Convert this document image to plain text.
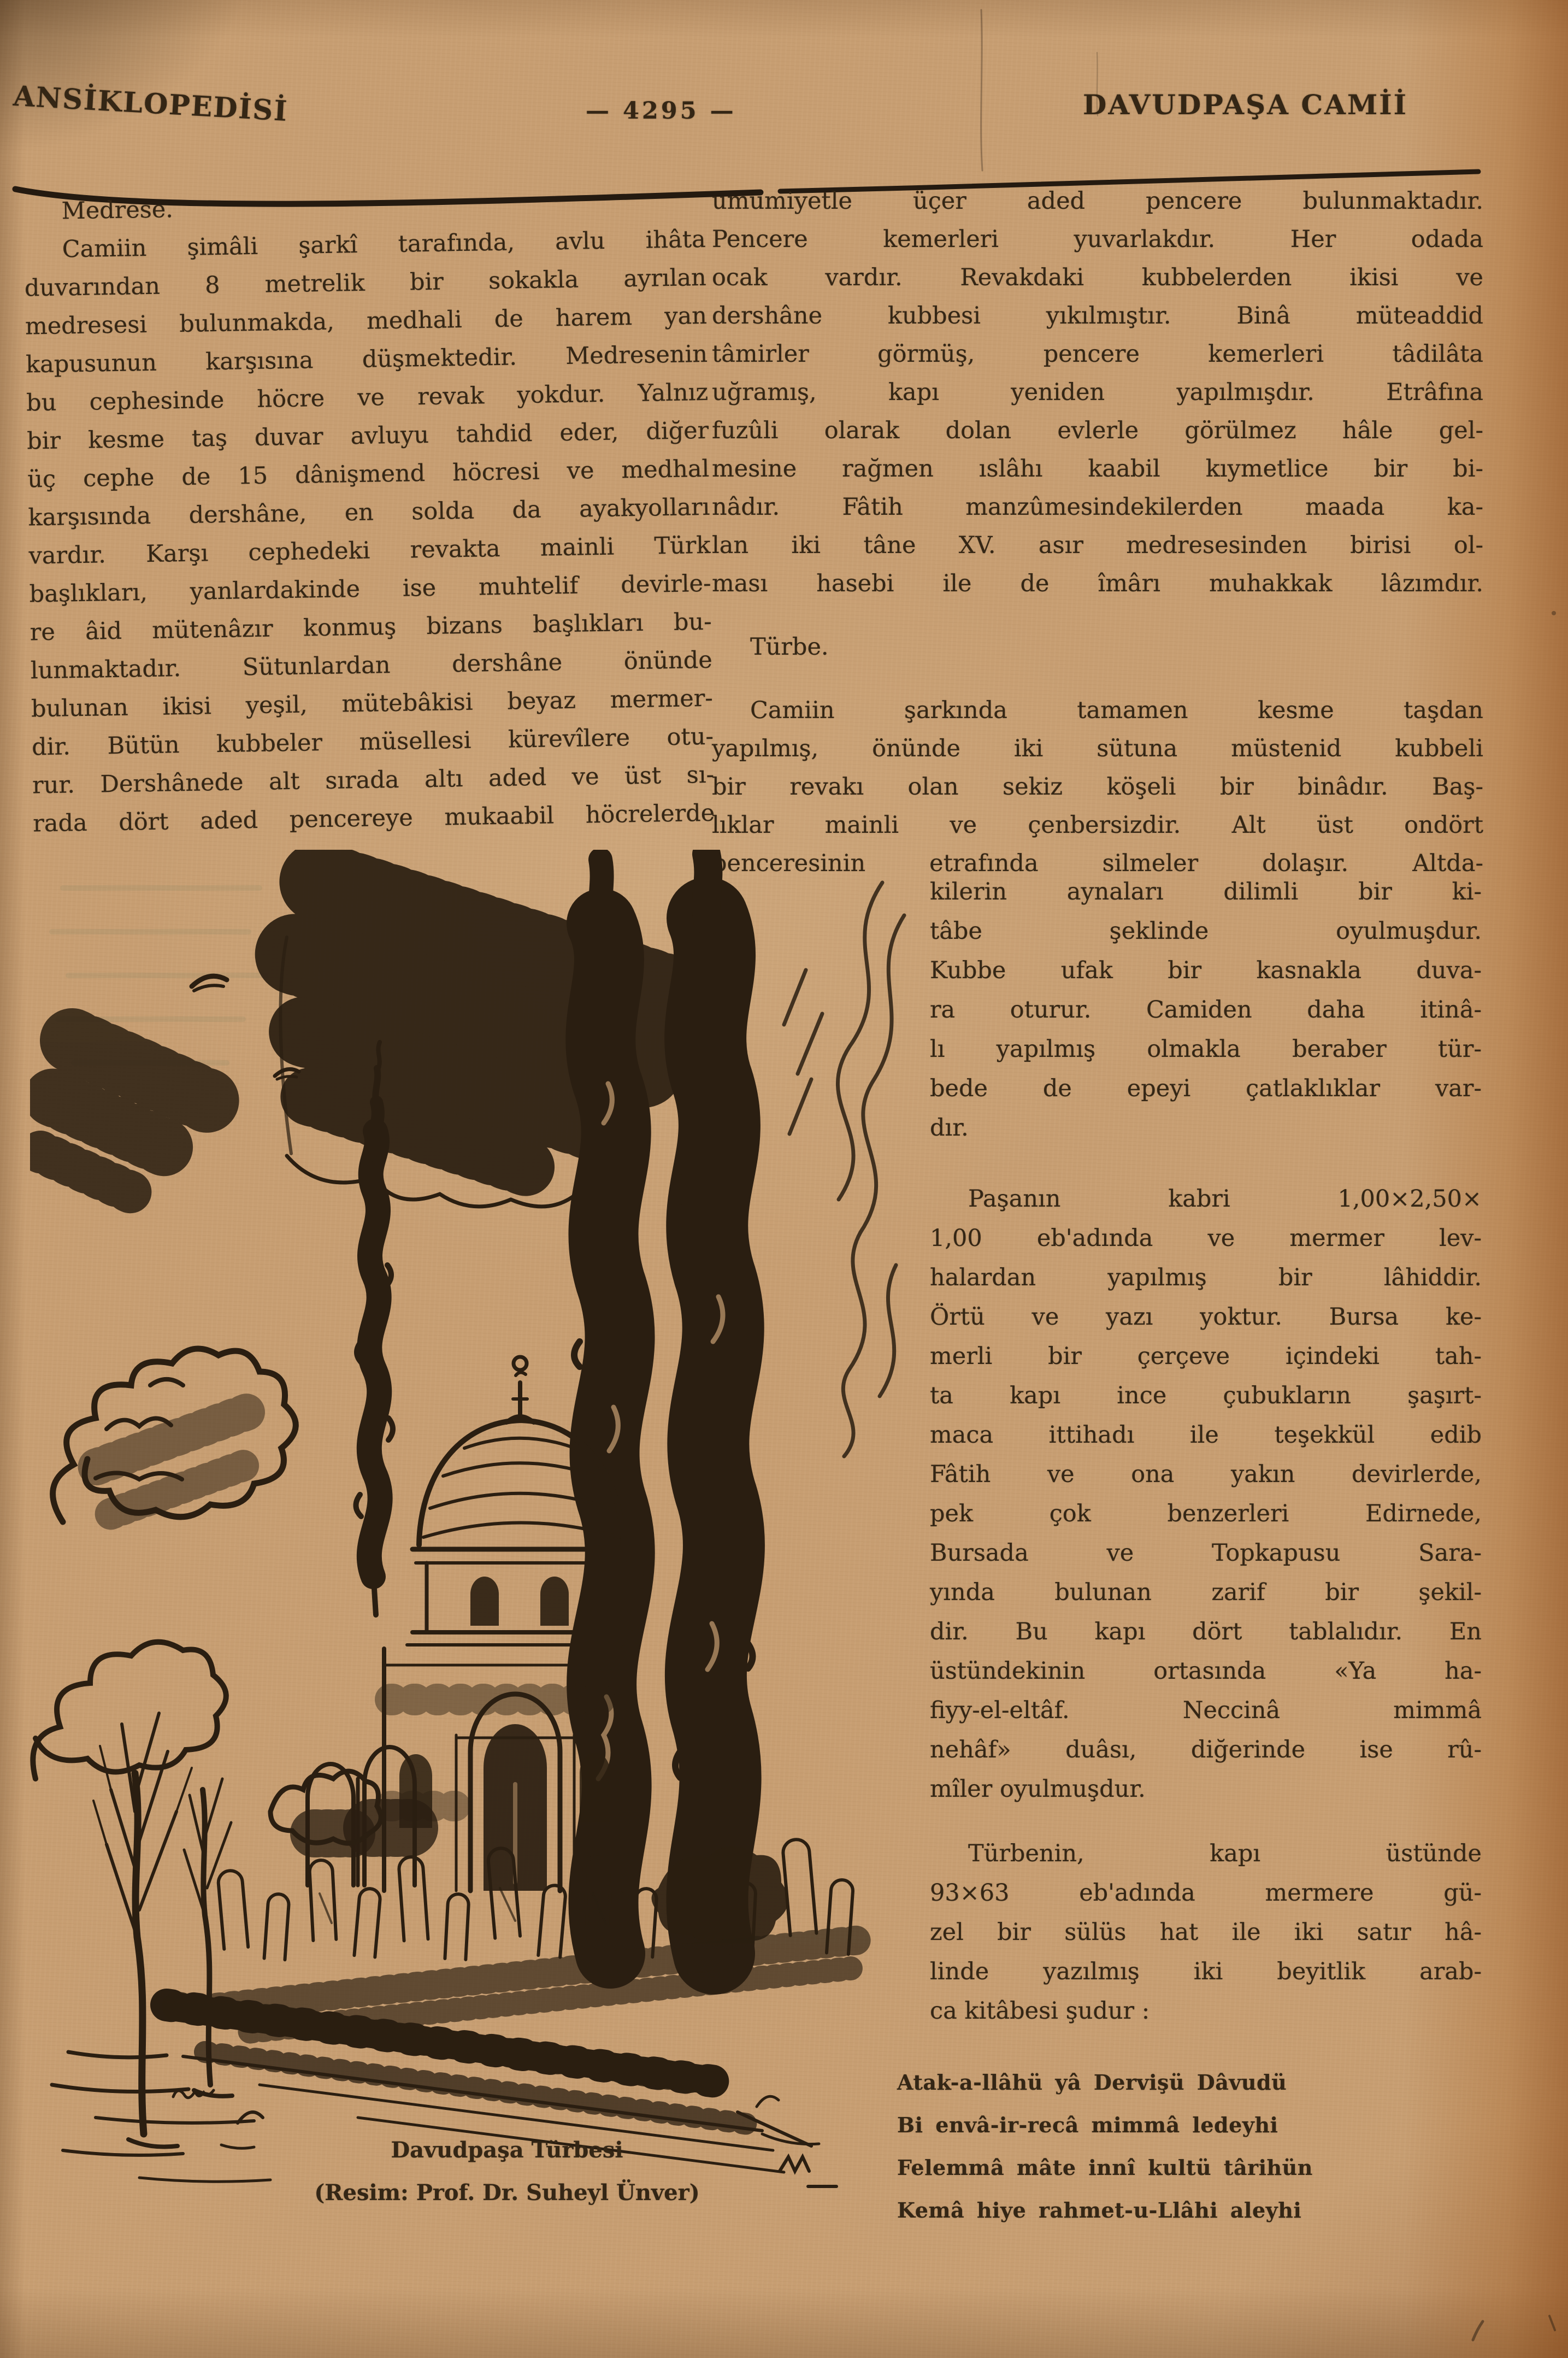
ANSİKLOPEDİSİ	— 4295 —	DAVUDPAŞA CAMİİ
Medrese.
Camiin şimâli şarkî tarafında, avlu ihâta
duvarından 8 metrelik bir sokakla ayrılan
medresesi bulunmakda, medhali de harem yan
kapusunun karşısına düşmektedir. Medresenin
bu cephesinde höcre ve revak yokdur. Yalnız
bir kesme taş duvar avluyu tahdid eder, diğer
üç cephe de 15 dânişmend höcresi ve medhal
karşısında dershâne, en solda da ayakyolları
vardır. Karşı cephedeki revakta mainli Türk
başlıkları, yanlardakinde ise muhtelif devirle-
re âid mütenâzır konmuş bizans başlıkları bu-
lunmaktadır. Sütunlardan dershâne önünde
bulunan ikisi yeşil, mütebâkisi beyaz mermer-
dir. Bütün kubbeler müsellesi kürevîlere otu-
rur. Dershânede alt sırada altı aded ve üst sı-
rada dört aded pencereye mukaabil höcrelerde
umumiyetle üçer aded pencere bulunmaktadır.
Pencere kemerleri yuvarlakdır. Her odada
ocak vardır. Revakdaki kubbelerden ikisi ve
dershâne kubbesi yıkılmıştır. Binâ müteaddid
tâmirler görmüş, pencere kemerleri tâdilâta
uğramış, kapı yeniden yapılmışdır. Etrâfına
fuzûli olarak dolan evlerle görülmez hâle gel-
mesine rağmen ıslâhı kaabil kıymetlice bir bi-
nâdır. Fâtih manzûmesindekilerden maada ka-
lan iki tâne XV. asır medresesinden birisi ol-
ması hasebi ile de îmârı muhakkak lâzımdır.
Türbe.
Camiin şarkında tamamen kesme taşdan
yapılmış, önünde iki sütuna müstenid kubbeli
bir revakı olan sekiz köşeli bir binâdır. Baş-
lıklar mainli ve çenbersizdir. Alt üst ondört
penceresinin etrafında silmeler dolaşır. Altda-
kilerin aynaları dilimli bir ki-
tâbe şeklinde oyulmuşdur.
Kubbe ufak bir kasnakla duva-
ra oturur. Camiden daha itinâ-
lı yapılmış olmakla beraber tür-
bede de epeyi çatlaklıklar var-
dır.
Paşanın kabri 1,00×2,50×
1,00 eb'adında ve mermer lev-
halardan yapılmış bir lâhiddir.
Örtü ve yazı yoktur. Bursa ke-
merli bir çerçeve içindeki tah-
ta kapı ince çubukların şaşırt-
maca ittihadı ile teşekkül edib
Fâtih ve ona yakın devirlerde,
pek çok benzerleri Edirnede,
Bursada ve Topkapusu Sara-
yında bulunan zarif bir şekil-
dir. Bu kapı dört tablalıdır. En
üstündekinin ortasında «Ya ha-
fiyy-el-eltâf. Neccinâ mimmâ
nehâf» duâsı, diğerinde ise rû-
mîler oyulmuşdur.
Türbenin, kapı üstünde
93×63 eb'adında mermere gü-
zel bir sülüs hat ile iki satır hâ-
linde yazılmış iki beyitlik arab-
ca kitâbesi şudur :
Atak-a-llâhü yâ Dervişü Dâvudü
Bi envâ-ir-recâ mimmâ ledeyhi
Felemmâ mâte innî kultü târihün
Kemâ hiye rahmet-u-Llâhi aleyhi
Davudpaşa Türbesi
(Resim: Prof. Dr. Suheyl Ünver)
